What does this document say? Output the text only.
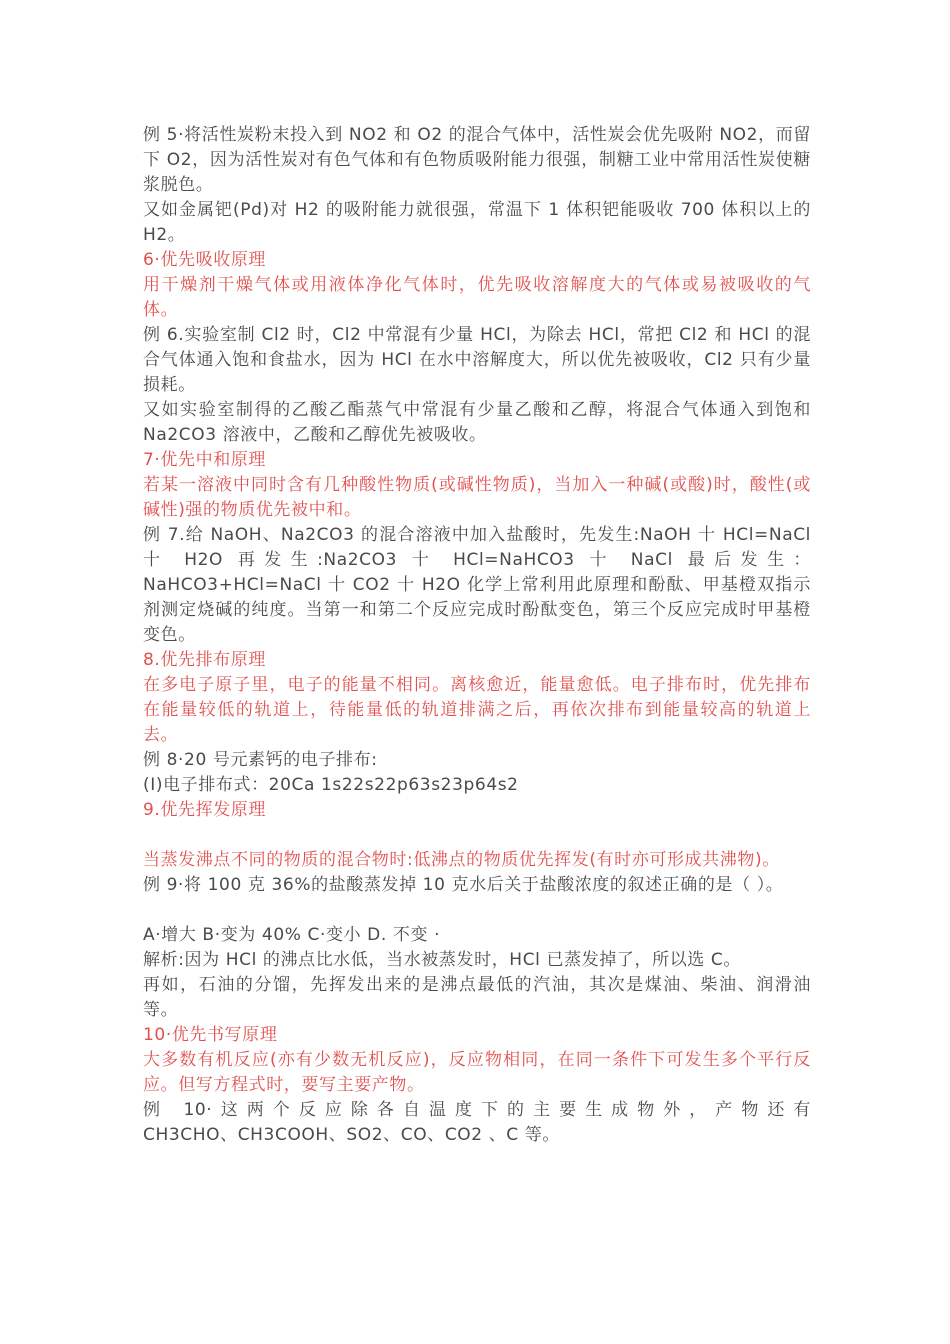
例 5·将活性炭粉末投入到 NO2 和 O2 的混合气体中，活性炭会优先吸附 NO2，而留下 O2，因为活性炭对有色气体和有色物质吸附能力很强，制糖工业中常用活性炭使糖浆脱色。

又如金属钯(Pd)对 H2 的吸附能力就很强，常温下 1 体积钯能吸收 700 体积以上的 H2。

6·优先吸收原理

用干燥剂干燥气体或用液体净化气体时，优先吸收溶解度大的气体或易被吸收的气体。

例 6.实验室制 Cl2 时，Cl2 中常混有少量 HCl，为除去 HCl，常把 Cl2 和 HCl 的混合气体通入饱和食盐水，因为 HCl 在水中溶解度大，所以优先被吸收，Cl2 只有少量损耗。

又如实验室制得的乙酸乙酯蒸气中常混有少量乙酸和乙醇，将混合气体通入到饱和 Na2CO3 溶液中，乙酸和乙醇优先被吸收。

7·优先中和原理

若某一溶液中同时含有几种酸性物质(或碱性物质)，当加入一种碱(或酸)时，酸性(或碱性)强的物质优先被中和。

例 7.给 NaOH、Na2CO3 的混合溶液中加入盐酸时，先发生:NaOH 十 HCl=NaCl 十 H2O 再发生:Na2CO3 十 HCl=NaHCO3 十 NaCl 最后发生： NaHCO3+HCl=NaCl 十 CO2 十 H2O 化学上常利用此原理和酚酞、甲基橙双指示剂测定烧碱的纯度。当第一和第二个反应完成时酚酞变色，第三个反应完成时甲基橙变色。

8.优先排布原理

在多电子原子里，电子的能量不相同。离核愈近，能量愈低。电子排布时，优先排布在能量较低的轨道上，待能量低的轨道排满之后，再依次排布到能量较高的轨道上去。

例 8·20 号元素钙的电子排布:

(I)电子排布式：20Ca 1s22s22p63s23p64s2

9.优先挥发原理

当蒸发沸点不同的物质的混合物时:低沸点的物质优先挥发(有时亦可形成共沸物)。

例 9·将 100 克 36%的盐酸蒸发掉 10 克水后关于盐酸浓度的叙述正确的是（ ）。

A·增大 B·变为 40% C·变小 D. 不变 ·

解析:因为 HCl 的沸点比水低，当水被蒸发时，HCl 已蒸发掉了，所以选 C。

再如，石油的分馏，先挥发出来的是沸点最低的汽油，其次是煤油、柴油、润滑油等。

10·优先书写原理

大多数有机反应(亦有少数无机反应)，反应物相同，在同一条件下可发生多个平行反应。但写方程式时，要写主要产物。

例 10·这两个反应除各自温度下的主要生成物外，产物还有

CH3CHO、CH3COOH、SO2、CO、CO2 、C 等。
